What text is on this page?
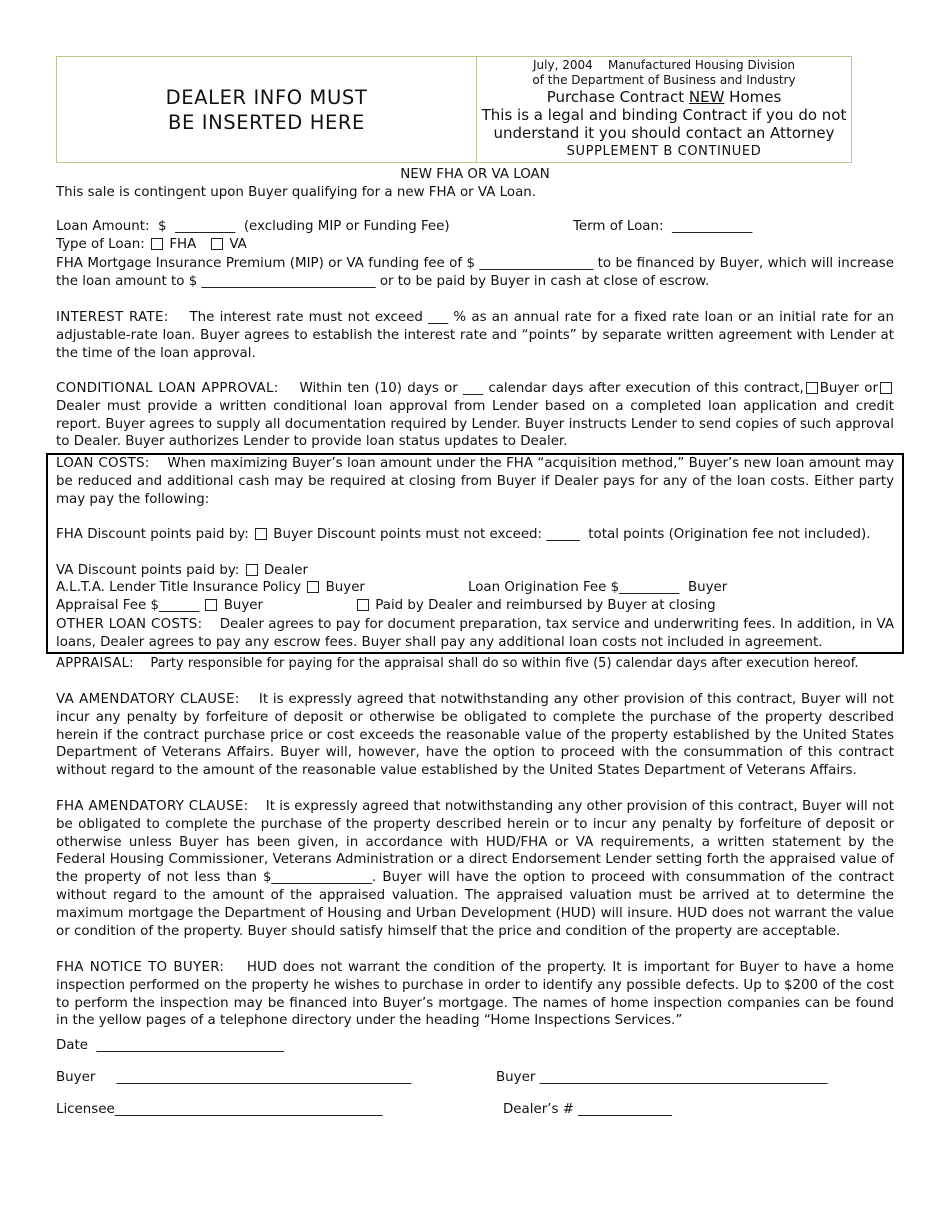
DEALER INFO MUST
BE INSERTED HERE
July, 2004    Manufactured Housing Division
of the Department of Business and Industry
Purchase Contract NEW Homes
This is a legal and binding Contract if you do not
understand it you should contact an Attorney
SUPPLEMENT B CONTINUED
NEW FHA OR VA LOAN
This sale is contingent upon Buyer qualifying for a new FHA or VA Loan.
Loan Amount:  $  _________  (excluding MIP or Funding Fee)	Term of Loan:  ____________
Type of Loan: FHA VA
FHA Mortgage Insurance Premium (MIP) or VA funding fee of $ _________________ to be financed by Buyer, which will increase the loan amount to $ __________________________ or to be paid by Buyer in cash at close of escrow.
INTEREST RATE: The interest rate must not exceed ___ % as an annual rate for a fixed rate loan or an initial rate for an adjustable-rate loan. Buyer agrees to establish the interest rate and “points” by separate written agreement with Lender at the time of the loan approval.
CONDITIONAL LOAN APPROVAL: Within ten (10) days or ___ calendar days after execution of this contract, Buyer orDealer must provide a written conditional loan approval from Lender based on a completed loan application and credit report. Buyer agrees to supply all documentation required by Lender. Buyer instructs Lender to send copies of such approval to Dealer. Buyer authorizes Lender to provide loan status updates to Dealer.
LOAN COSTS: When maximizing Buyer’s loan amount under the FHA “acquisition method,” Buyer’s new loan amount may be reduced and additional cash may be required at closing from Buyer if Dealer pays for any of the loan costs. Either party may pay the following:
FHA Discount points paid by: Buyer Discount points must not exceed: _____  total points (Origination fee not included).
VA Discount points paid by: Dealer
A.L.T.A. Lender Title Insurance Policy Buyer	Loan Origination Fee $_________  Buyer
Appraisal Fee $______ Buyer	Paid by Dealer and reimbursed by Buyer at closing
OTHER LOAN COSTS: Dealer agrees to pay for document preparation, tax service and underwriting fees. In addition, in VA loans, Dealer agrees to pay any escrow fees. Buyer shall pay any additional loan costs not included in agreement.
APPRAISAL: Party responsible for paying for the appraisal shall do so within five (5) calendar days after execution hereof.
VA AMENDATORY CLAUSE: It is expressly agreed that notwithstanding any other provision of this contract, Buyer will not incur any penalty by forfeiture of deposit or otherwise be obligated to complete the purchase of the property described herein if the contract purchase price or cost exceeds the reasonable value of the property established by the United States Department of Veterans Affairs. Buyer will, however, have the option to proceed with the consummation of this contract without regard to the amount of the reasonable value established by the United States Department of Veterans Affairs.
FHA AMENDATORY CLAUSE: It is expressly agreed that notwithstanding any other provision of this contract, Buyer will not be obligated to complete the purchase of the property described herein or to incur any penalty by forfeiture of deposit or otherwise unless Buyer has been given, in accordance with HUD/FHA or VA requirements, a written statement by the Federal Housing Commissioner, Veterans Administration or a direct Endorsement Lender setting forth the appraised value of the property of not less than $_______________. Buyer will have the option to proceed with consummation of the contract without regard to the amount of the appraised valuation. The appraised valuation must be arrived at to determine the maximum mortgage the Department of Housing and Urban Development (HUD) will insure. HUD does not warrant the value or condition of the property. Buyer should satisfy himself that the price and condition of the property are acceptable.
FHA NOTICE TO BUYER: HUD does not warrant the condition of the property. It is important for Buyer to have a home inspection performed on the property he wishes to purchase in order to identify any possible defects. Up to $200 of the cost to perform the inspection may be financed into Buyer’s mortgage. The names of home inspection companies can be found in the yellow pages of a telephone directory under the heading “Home Inspections Services.”
Date  ____________________________
Buyer     ____________________________________________	Buyer ___________________________________________
Licensee________________________________________	Dealer’s # ______________
